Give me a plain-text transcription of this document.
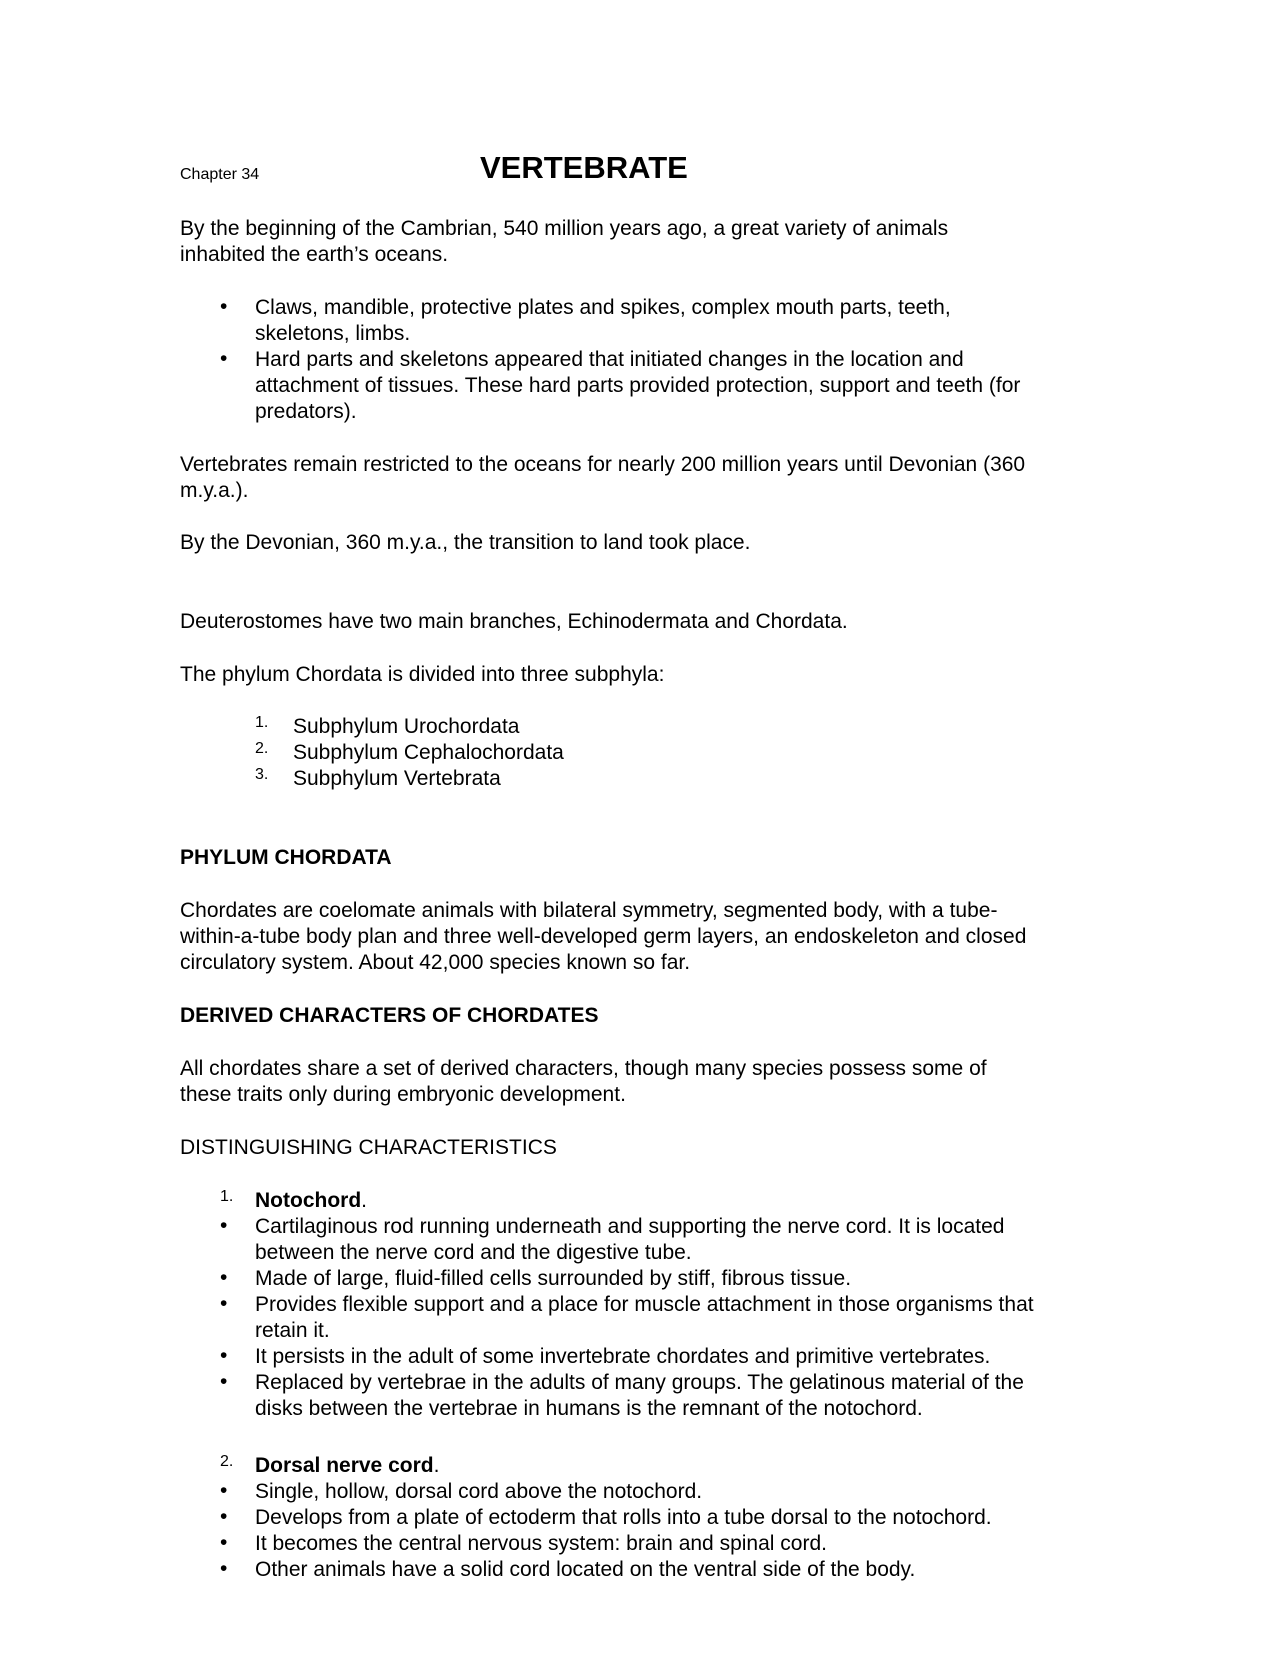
Chapter 34	VERTEBRATE

By the beginning of the Cambrian, 540 million years ago, a great variety of animals

inhabited the earth’s oceans.

• Claws, mandible, protective plates and spikes, complex mouth parts, teeth,

skeletons, limbs.

• Hard parts and skeletons appeared that initiated changes in the location and

attachment of tissues. These hard parts provided protection, support and teeth (for

predators).

Vertebrates remain restricted to the oceans for nearly 200 million years until Devonian (360

m.y.a.).

By the Devonian, 360 m.y.a., the transition to land took place.

Deuterostomes have two main branches, Echinodermata and Chordata.

The phylum Chordata is divided into three subphyla:

1. Subphylum Urochordata

2. Subphylum Cephalochordata

3. Subphylum Vertebrata

PHYLUM CHORDATA

Chordates are coelomate animals with bilateral symmetry, segmented body, with a tube-

within-a-tube body plan and three well-developed germ layers, an endoskeleton and closed

circulatory system. About 42,000 species known so far.

DERIVED CHARACTERS OF CHORDATES

All chordates share a set of derived characters, though many species possess some of

these traits only during embryonic development.

DISTINGUISHING CHARACTERISTICS

1. Notochord.

• Cartilaginous rod running underneath and supporting the nerve cord. It is located

between the nerve cord and the digestive tube.

• Made of large, fluid-filled cells surrounded by stiff, fibrous tissue.

• Provides flexible support and a place for muscle attachment in those organisms that

retain it.

• It persists in the adult of some invertebrate chordates and primitive vertebrates.

• Replaced by vertebrae in the adults of many groups. The gelatinous material of the

disks between the vertebrae in humans is the remnant of the notochord.

2. Dorsal nerve cord.

• Single, hollow, dorsal cord above the notochord.

• Develops from a plate of ectoderm that rolls into a tube dorsal to the notochord.

• It becomes the central nervous system: brain and spinal cord.

• Other animals have a solid cord located on the ventral side of the body.
